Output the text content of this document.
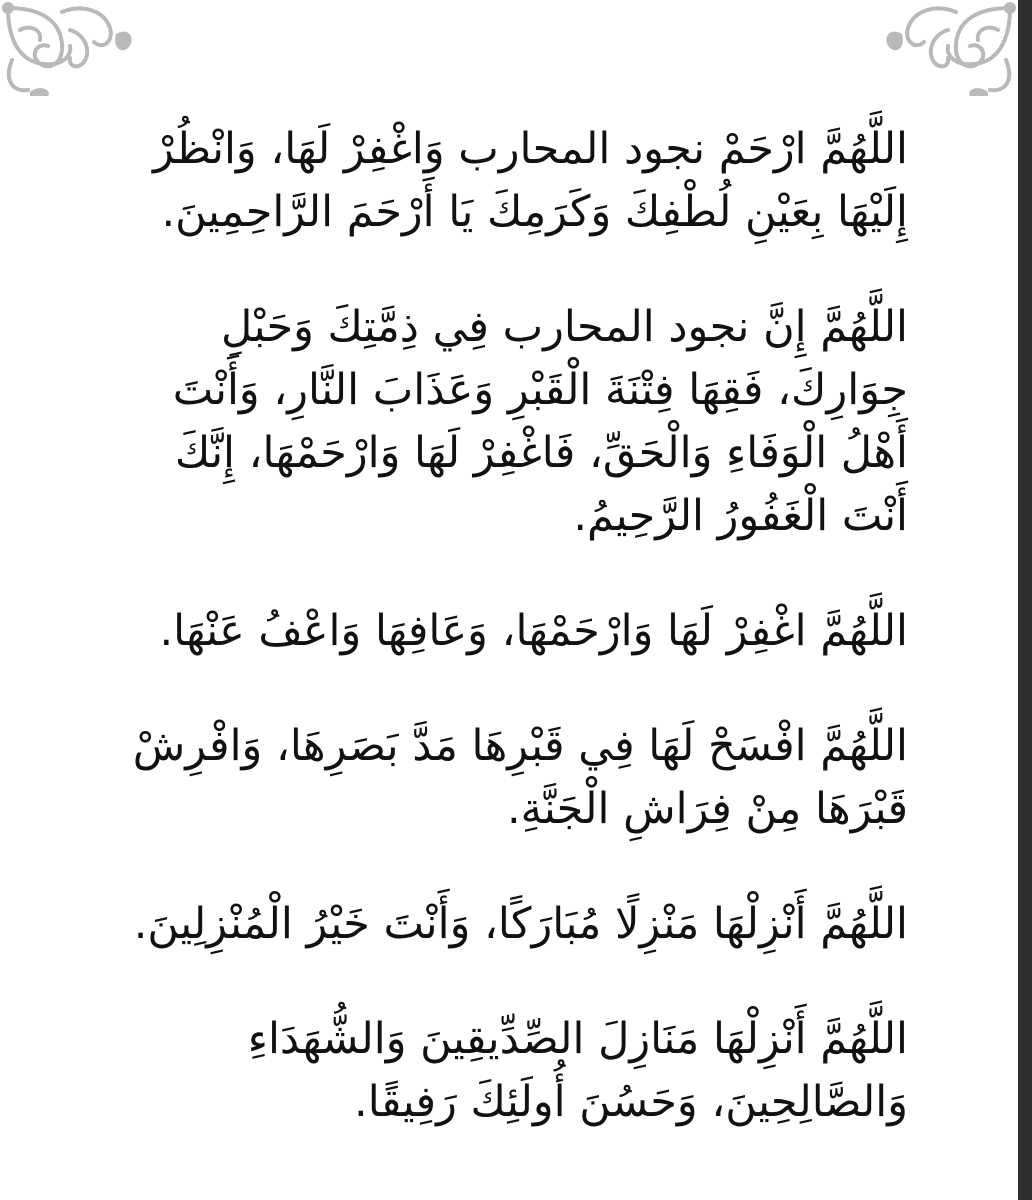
اللَّهُمَّ ارْحَمْ نجود المحارب وَاغْفِرْ لَهَا، وَانْظُرْ إِلَيْهَا بِعَيْنِ لُطْفِكَ وَكَرَمِكَ يَا أَرْحَمَ الرَّاحِمِينَ.

اللَّهُمَّ إِنَّ نجود المحارب فِي ذِمَّتِكَ وَحَبْلِ جِوَارِكَ، فَقِهَا فِتْنَةَ الْقَبْرِ وَعَذَابَ النَّارِ، وَأَنْتَ أَهْلُ الْوَفَاءِ وَالْحَقِّ، فَاغْفِرْ لَهَا وَارْحَمْهَا، إِنَّكَ أَنْتَ الْغَفُورُ الرَّحِيمُ.

اللَّهُمَّ اغْفِرْ لَهَا وَارْحَمْهَا، وَعَافِهَا وَاعْفُ عَنْهَا.

اللَّهُمَّ افْسَحْ لَهَا فِي قَبْرِهَا مَدَّ بَصَرِهَا، وَافْرِشْ قَبْرَهَا مِنْ فِرَاشِ الْجَنَّةِ.

اللَّهُمَّ أَنْزِلْهَا مَنْزِلًا مُبَارَكًا، وَأَنْتَ خَيْرُ الْمُنْزِلِينَ.

اللَّهُمَّ أَنْزِلْهَا مَنَازِلَ الصِّدِّيقِينَ وَالشُّهَدَاءِ وَالصَّالِحِينَ، وَحَسُنَ أُولَئِكَ رَفِيقًا.
